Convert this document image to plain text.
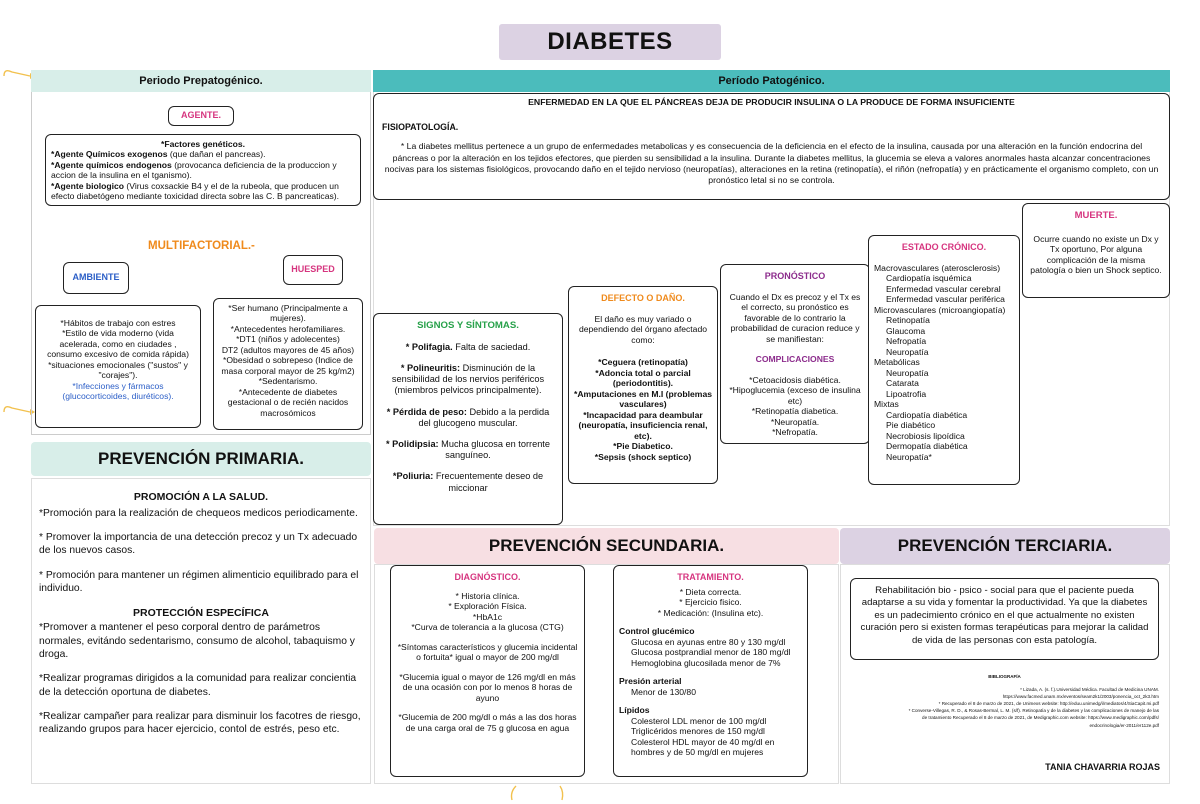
DIABETES
Periodo Prepatogénico.
AGENTE.
*Factores genéticos.
*Agente Químicos exogenos (que dañan el pancreas).
*Agente químicos endogenos (provocanca deficiencia de la produccion y accion de la insulina en el tganismo).
*Agente biologico (Virus coxsackie B4 y el de la rubeola, que producen un efecto diabetógeno mediante toxicidad directa sobre las C. B pancreaticas).
MULTIFACTORIAL.-
AMBIENTE
HUESPED
*Hábitos de trabajo con estres
*Estilo de vida moderno (vida acelerada, como en ciudades , consumo excesivo de comida rápida)
*situaciones emocionales ("sustos" y "corajes").
*Infecciones y fármacos (glucocorticoides, diuréticos).
*Ser humano (Principalmente a mujeres).
*Antecedentes herofamiliares.
*DT1 (niños y adolecentes)
DT2 (adultos mayores de 45 años)
*Obesidad o sobrepeso (Indice de masa corporal mayor de 25 kg/m2)
*Sedentarismo.
*Antecedente de diabetes gestacional o de recién nacidos macrosómicos
Período Patogénico.
ENFERMEDAD EN LA QUE EL PÁNCREAS DEJA DE PRODUCIR INSULINA O LA PRODUCE DE FORMA INSUFICIENTE
FISIOPATOLOGÍA.
* La diabetes mellitus pertenece a un grupo de enfermedades metabolicas y es consecuencia de la deficiencia en el efecto de la insulina, causada por una alteración en la función endocrina del páncreas o por la alteración en los tejidos efectores, que pierden su sensibilidad a la insulina. Durante la diabetes mellitus, la glucemia se eleva a valores anormales hasta alcanzar concentraciones nocivas para los sistemas fisiológicos, provocando daño en el tejido nervioso (neuropatías), alteraciones en la retina (retinopatía), el riñón (nefropatía) y en prácticamente el organismo completo, con un pronóstico letal si no se controla.
SIGNOS Y SÍNTOMAS.
* Polifagia. Falta de saciedad.
* Polineuritis: Disminución de la sensibilidad de los nervios periféricos (miembros pelvicos principalmente).
* Pérdida de peso: Debido a la perdida del glucogeno muscular.
* Polidipsia: Mucha glucosa en torrente sanguíneo.
*Poliuria: Frecuentemente deseo de miccionar
DEFECTO O DAÑO.
El daño es muy variado o dependiendo del órgano afectado como:
*Ceguera (retinopatía)
*Adoncia total o parcial (periodontitis).
*Amputaciones en M.I (problemas vasculares)
*Incapacidad para deambular (neuropatía, insuficiencia renal, etc).
*Pie Diabetico.
*Sepsis (shock septico)
PRONÓSTICO
Cuando el Dx es precoz y el Tx es el correcto, su pronóstico es favorable de lo contrario la probabilidad de curacion reduce y se manifiestan:
COMPLICACIONES
*Cetoacidosis diabética.
*Hipoglucemia (exceso de insulina etc)
*Retinopatía diabetica.
*Neuropatía.
*Nefropatía.
ESTADO CRÓNICO.
Macrovasculares (aterosclerosis)
Cardiopatía isquémica
Enfermedad vascular cerebral
Enfermedad vascular periférica
Microvasculares (microangiopatía)
Retinopatía
Glaucoma
Nefropatía
Neuropatía
Metabólicas
Neuropatía
Catarata
Lipoatrofia
Mixtas
Cardiopatía diabética
Pie diabético
Necrobiosis lipoídica
Dermopatía diabética
Neuropatía*
MUERTE.
Ocurre cuando no existe un Dx y Tx oportuno, Por alguna complicación de la misma patología o bien un Shock septico.
PREVENCIÓN PRIMARIA.
PROMOCIÓN A LA SALUD.
*Promoción para la realización de chequeos medicos periodicamente.
* Promover la importancia de una detección precoz y un Tx adecuado de los nuevos casos.
* Promoción para mantener un régimen alimenticio equilibrado para el individuo.
PROTECCIÓN ESPECÍFICA
*Promover a mantener el peso corporal dentro de parámetros normales, evitándo sedentarismo, consumo de alcohol, tabaquismo y droga.
*Realizar programas dirigidos a la comunidad para realizar concientia de la detección oportuna de diabetes.
*Realizar campañer para realizar para disminuir los facotres de riesgo, realizando grupos para hacer ejercicio, contol de estrés, peso etc.
PREVENCIÓN SECUNDARIA.
DIAGNÓSTICO.
* Historia clínica.
* Exploración Física.
*HbA1c
*Curva de tolerancia a la glucosa (CTG)
*Síntomas característicos y glucemia incidental o fortuita* igual o mayor de 200 mg/dl
*Glucemia igual o mayor de 126 mg/dl en más de una ocasión con por lo menos 8 horas de ayuno
*Glucemia de 200 mg/dl o más a las dos horas de una carga oral de 75 g glucosa en agua
TRATAMIENTO.
* Dieta correcta.
* Ejercicio fisico.
* Medicación: (Insulina etc).
Control glucémico
Glucosa en ayunas entre 80 y 130 mg/dl
Glucosa postprandial menor de 180 mg/dl
Hemoglobina glucosilada menor de 7%
Presión arterial
Menor de 130/80
Lípidos
Colesterol LDL menor de 100 mg/dl
Triglicéridos menores de 150 mg/dl
Colesterol HDL mayor de 40 mg/dl en hombres y de 50 mg/dl en mujeres
PREVENCIÓN TERCIARIA.
Rehabilitación bio - psico - social para que el paciente pueda adaptarse a su vida y fomentar la productividad. Ya que la diabetes es un padecimiento crónico en el que actualmente no existen curación pero si existen formas terapéuticas para mejorar la calidad de vida de las personas con esta patología.
BIBLIOGRAFÍA
* Lizada, A. (s. f.).Universidad Médica. Facultad de Medicina UNAM.
https://www.facmed.unam.mx/eventos/seam2k1/2003/ponencia_oct_2k3.htm
* Recuperado el 8 de marzo de 2021, de Unimexs website: http://eduu.unimedg/i/mediatos/4/SiaCapit.mi.pdf
* Converse-Villegas, R. D., & Rosas-Bermal, L. M. (s/f). Retinopatía y de la diabetes y las complicaciones de manejo de las
de tratamiento Recuperado el 8 de marzo de 2021, de Medigraphic.com website: https://www.medigraphic.com/pdfs/
endocrinologia/er-2011/er112e.pdf
TANIA CHAVARRIA ROJAS
